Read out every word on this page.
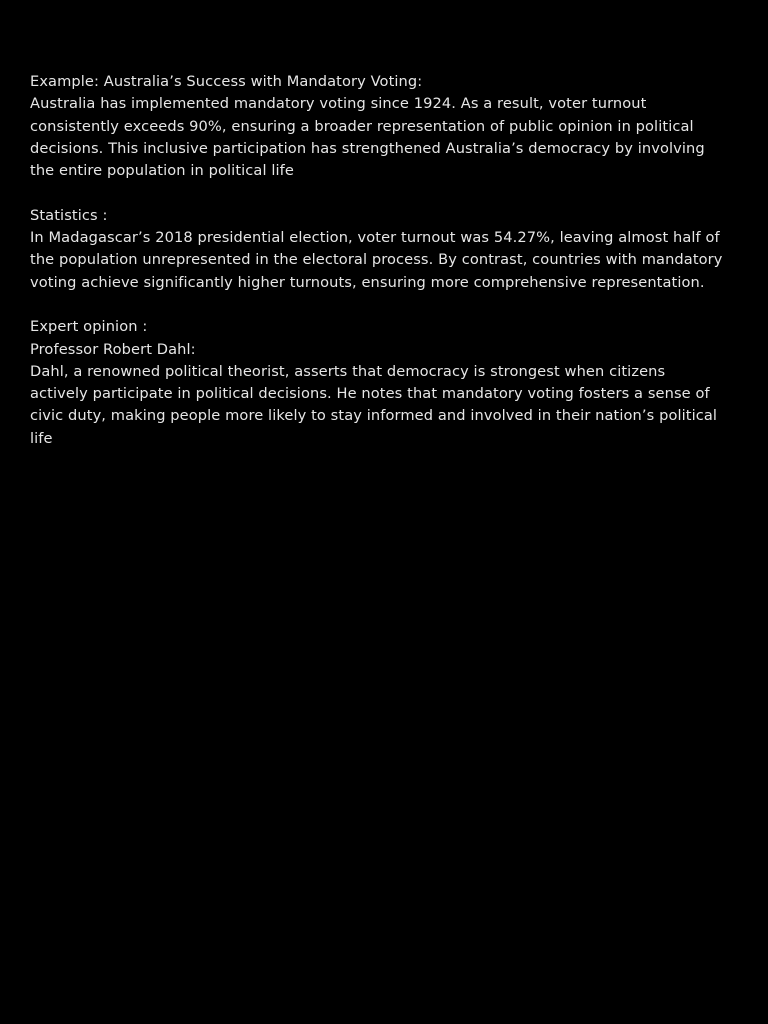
Example: Australia’s Success with Mandatory Voting:
Australia has implemented mandatory voting since 1924. As a result, voter turnout
consistently exceeds 90%, ensuring a broader representation of public opinion in political
decisions. This inclusive participation has strengthened Australia’s democracy by involving
the entire population in political life
Statistics :
In Madagascar’s 2018 presidential election, voter turnout was 54.27%, leaving almost half of
the population unrepresented in the electoral process. By contrast, countries with mandatory
voting achieve significantly higher turnouts, ensuring more comprehensive representation.
Expert opinion :
Professor Robert Dahl:
Dahl, a renowned political theorist, asserts that democracy is strongest when citizens
actively participate in political decisions. He notes that mandatory voting fosters a sense of
civic duty, making people more likely to stay informed and involved in their nation’s political
life
